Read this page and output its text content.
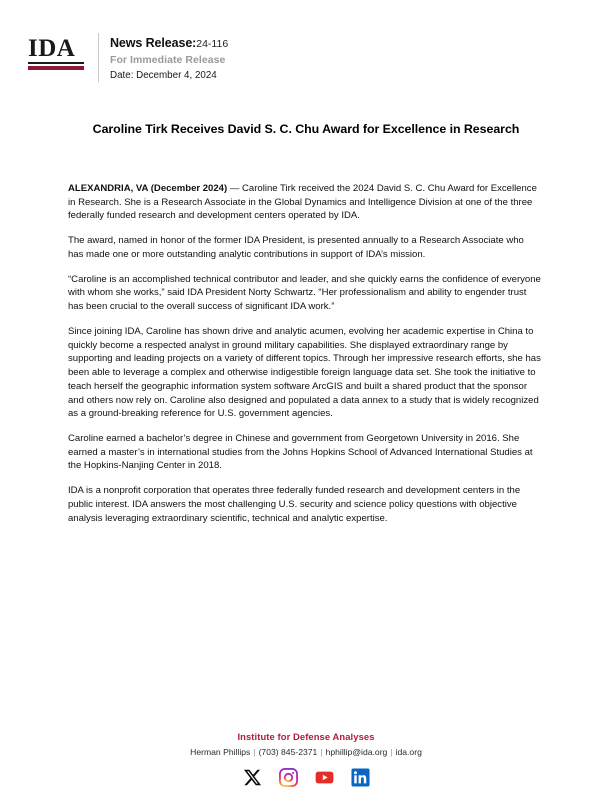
IDA	News Release:24-116
For Immediate Release
Date: December 4, 2024
Caroline Tirk Receives David S. C. Chu Award for Excellence in Research

ALEXANDRIA, VA (December 2024) — Caroline Tirk received the 2024 David S. C. Chu Award for Excellence in Research. She is a Research Associate in the Global Dynamics and Intelligence Division at one of the three federally funded research and development centers operated by IDA.

The award, named in honor of the former IDA President, is presented annually to a Research Associate who has made one or more outstanding analytic contributions in support of IDA’s mission.

“Caroline is an accomplished technical contributor and leader, and she quickly earns the confidence of everyone with whom she works,” said IDA President Norty Schwartz. “Her professionalism and ability to engender trust has been crucial to the overall success of significant IDA work.”

Since joining IDA, Caroline has shown drive and analytic acumen, evolving her academic expertise in China to quickly become a respected analyst in ground military capabilities. She displayed extraordinary range by supporting and leading projects on a variety of different topics. Through her impressive research efforts, she has been able to leverage a complex and otherwise indigestible foreign language data set. She took the initiative to teach herself the geographic information system software ArcGIS and built a shared product that the sponsor and others now rely on. Caroline also designed and populated a data annex to a study that is widely recognized as a ground-breaking reference for U.S. government agencies.

Caroline earned a bachelor’s degree in Chinese and government from Georgetown University in 2016. She earned a master’s in international studies from the Johns Hopkins School of Advanced International Studies at the Hopkins-Nanjing Center in 2018.

IDA is a nonprofit corporation that operates three federally funded research and development centers in the public interest. IDA answers the most challenging U.S. security and science policy questions with objective analysis leveraging extraordinary scientific, technical and analytic expertise.

Institute for Defense Analyses
Herman Phillips | (703) 845-2371 | hphillip@ida.org | ida.org
